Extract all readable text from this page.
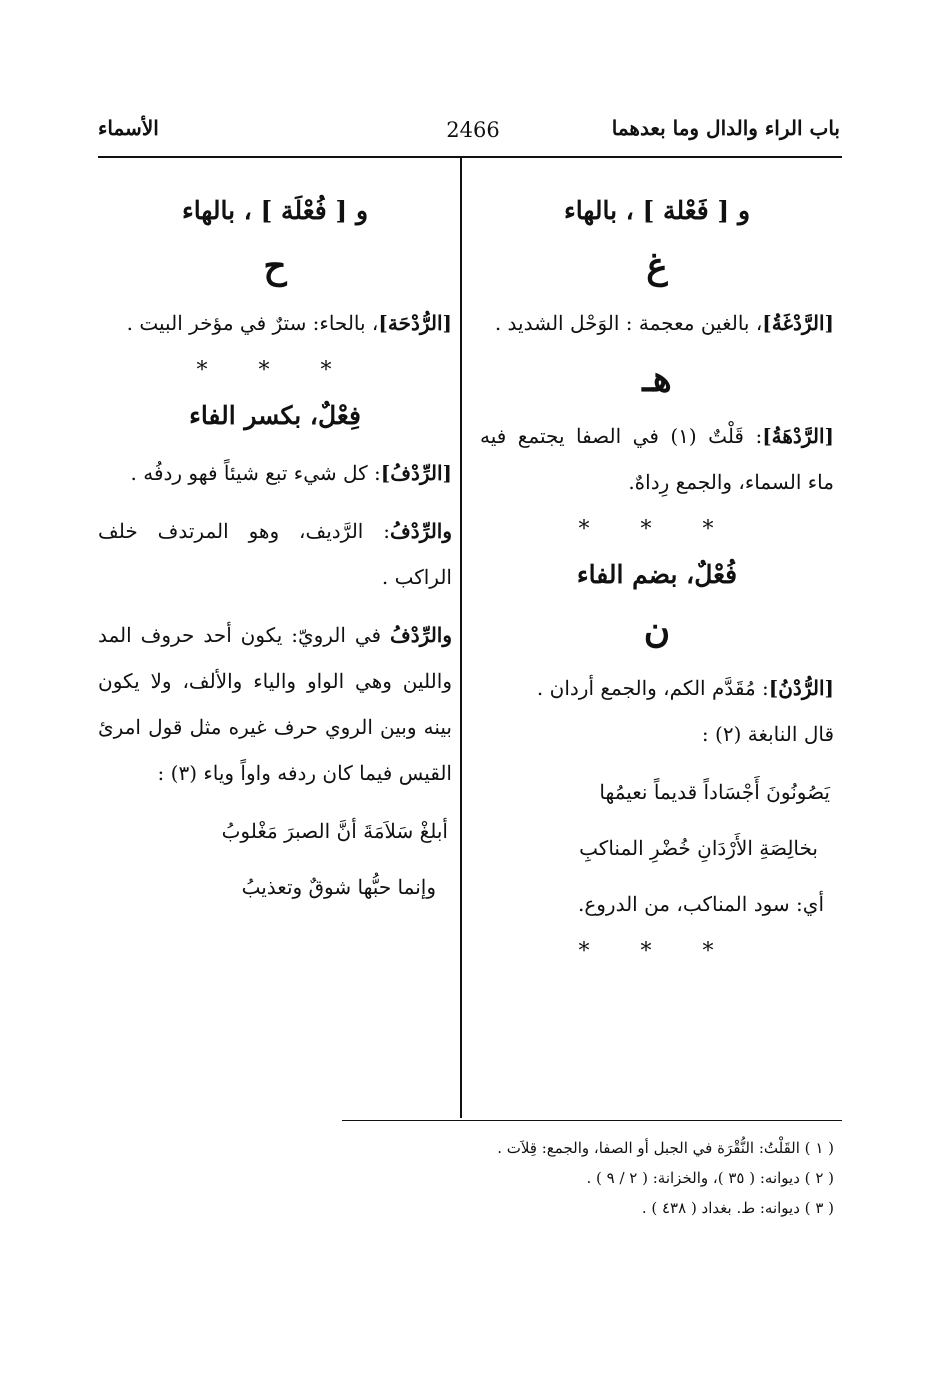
باب الراء والدال وما بعدهما
2466
الأسماء
و [ فَعْلة ] ، بالهاء
غ

[الرَّدْغَةُ]، بالغين معجمة : الوَحْل الشديد .

هـ

[الرَّدْهَةُ]: قَلْتٌ (١) في الصفا يجتمع فيه ماء السماء، والجمع رِداهٌ.

* * *
فُعْلٌ، بضم الفاء
ن

[الرُّدْنُ]: مُقَدَّم الكم، والجمع أردان .

قال النابغة (٢) :

يَصُونُونَ أَجْسَاداً قديماً نعيمُها
بخالِصَةِ الأَرْدَانِ خُضْرِ المناكبِ

أي: سود المناكب، من الدروع.

* * *
و [ فُعْلَة ] ، بالهاء
ح

[الرُّدْحَة]، بالحاء: سترٌ في مؤخر البيت .

* * *
فِعْلٌ، بكسر الفاء

[الرِّدْفُ]: كل شيء تبع شيئاً فهو ردفُه .

والرِّدْفُ: الرَّديف، وهو المرتدف خلف الراكب .

والرِّدْفُ في الرويّ: يكون أحد حروف المد واللين وهي الواو والياء والألف، ولا يكون بينه وبين الروي حرف غيره مثل قول امرئ القيس فيما كان ردفه واواً وياء (٣) :

أبلغْ سَلاَمَةَ أنَّ الصبرَ مَغْلوبُ
وإنما حبُّها شوقٌ وتعذيبُ
( ١ ) القَلْتُ: النُّقْرَة في الجبل أو الصفا، والجمع: قِلاَت .
( ٢ ) ديوانه: ( ٣٥ )، والخزانة: ( ٢ / ٩ ) .
( ٣ ) ديوانه: ط. بغداد ( ٤٣٨ ) .
